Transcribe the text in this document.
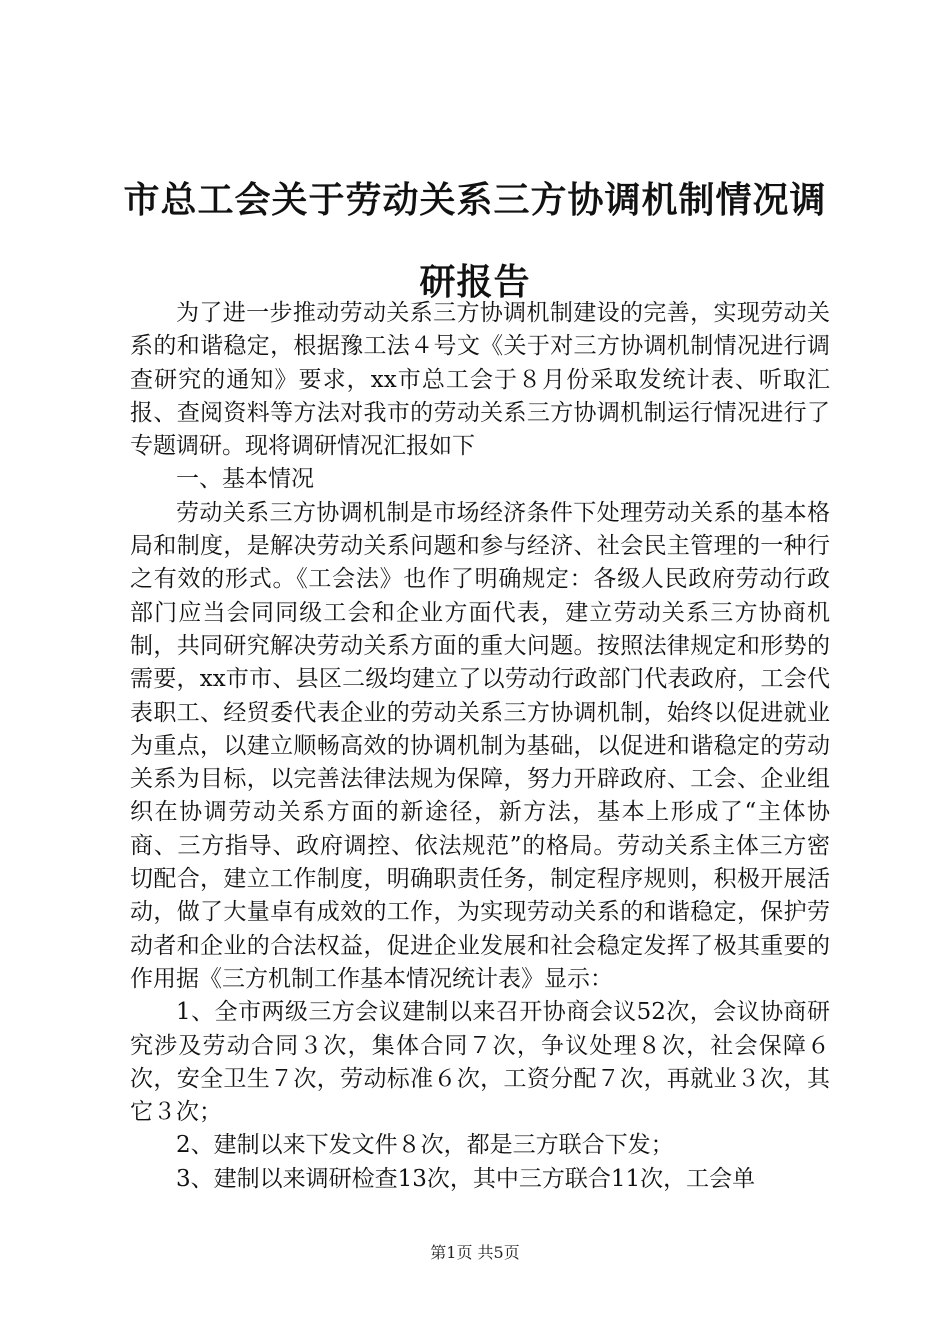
市总工会关于劳动关系三方协调机制情况调研报告

为了进一步推动劳动关系三方协调机制建设的完善，实现劳动关系的和谐稳定，根据豫工法４号文《关于对三方协调机制情况进行调查研究的通知》要求，xx市总工会于８月份采取发统计表、听取汇报、查阅资料等方法对我市的劳动关系三方协调机制运行情况进行了专题调研。现将调研情况汇报如下

一、基本情况

劳动关系三方协调机制是市场经济条件下处理劳动关系的基本格局和制度，是解决劳动关系问题和参与经济、社会民主管理的一种行之有效的形式。《工会法》也作了明确规定：各级人民政府劳动行政部门应当会同同级工会和企业方面代表，建立劳动关系三方协商机制，共同研究解决劳动关系方面的重大问题。按照法律规定和形势的需要，xx市市、县区二级均建立了以劳动行政部门代表政府，工会代表职工、经贸委代表企业的劳动关系三方协调机制，始终以促进就业为重点，以建立顺畅高效的协调机制为基础，以促进和谐稳定的劳动关系为目标，以完善法律法规为保障，努力开辟政府、工会、企业组织在协调劳动关系方面的新途径，新方法，基本上形成了“主体协商、三方指导、政府调控、依法规范”的格局。劳动关系主体三方密切配合，建立工作制度，明确职责任务，制定程序规则，积极开展活动，做了大量卓有成效的工作，为实现劳动关系的和谐稳定，保护劳动者和企业的合法权益，促进企业发展和社会稳定发挥了极其重要的作用据《三方机制工作基本情况统计表》显示：

1、全市两级三方会议建制以来召开协商会议52次，会议协商研究涉及劳动合同３次，集体合同７次，争议处理８次，社会保障６次，安全卫生７次，劳动标准６次，工资分配７次，再就业３次，其它３次；

2、建制以来下发文件８次，都是三方联合下发；

3、建制以来调研检查13次，其中三方联合11次，工会单

第1页 共5页
